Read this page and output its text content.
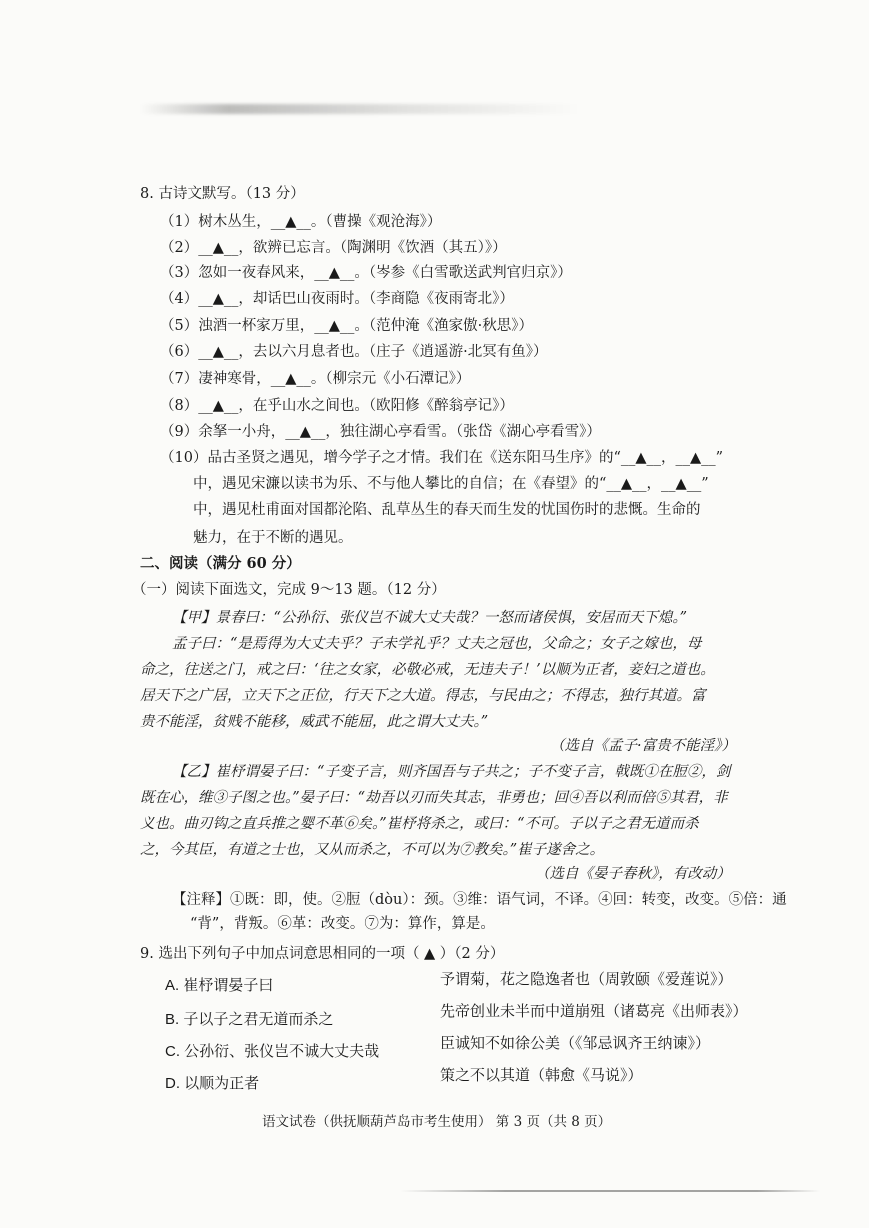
8. 古诗文默写。（13 分）
（1）树木丛生，__▲__。（曹操《观沧海》）
（2）__▲__，欲辨已忘言。（陶渊明《饮酒（其五）》）
（3）忽如一夜春风来，__▲__。（岑参《白雪歌送武判官归京》）
（4）__▲__，却话巴山夜雨时。（李商隐《夜雨寄北》）
（5）浊酒一杯家万里，__▲__。（范仲淹《渔家傲·秋思》）
（6）__▲__，去以六月息者也。（庄子《逍遥游·北冥有鱼》）
（7）凄神寒骨，__▲__。（柳宗元《小石潭记》）
（8）__▲__，在乎山水之间也。（欧阳修《醉翁亭记》）
（9）余拏一小舟，__▲__，独往湖心亭看雪。（张岱《湖心亭看雪》）
（10）品古圣贤之遇见，增今学子之才情。我们在《送东阳马生序》的“__▲__，__▲__”
中，遇见宋濂以读书为乐、不与他人攀比的自信；在《春望》的“__▲__，__▲__”
中，遇见杜甫面对国都沦陷、乱草丛生的春天而生发的忧国伤时的悲慨。生命的
魅力，在于不断的遇见。
二、阅读（满分 60 分）
（一）阅读下面选文，完成 9～13 题。（12 分）
【甲】景春曰：“公孙衍、张仪岂不诚大丈夫哉？一怒而诸侯惧，安居而天下熄。”
孟子曰：“是焉得为大丈夫乎？子未学礼乎？丈夫之冠也，父命之；女子之嫁也，母
命之，往送之门，戒之曰：‘往之女家，必敬必戒，无违夫子！’以顺为正者，妾妇之道也。
居天下之广居，立天下之正位，行天下之大道。得志，与民由之；不得志，独行其道。富
贵不能淫，贫贱不能移，威武不能屈，此之谓大丈夫。”
（选自《孟子·富贵不能淫》）
【乙】崔杼谓晏子曰：“子变子言，则齐国吾与子共之；子不变子言，戟既①在脰②，剑
既在心，维③子图之也。”晏子曰：“劫吾以刃而失其志，非勇也；回④吾以利而倍⑤其君，非
义也。曲刃钩之直兵推之婴不革⑥矣。”崔杼将杀之，或曰：“不可。子以子之君无道而杀
之，今其臣，有道之士也，又从而杀之，不可以为⑦教矣。”崔子遂舍之。
（选自《晏子春秋》，有改动）
【注释】①既：即，使。②脰（dòu）：颈。③维：语气词，不译。④回：转变，改变。⑤倍：通
“背”，背叛。⑥革：改变。⑦为：算作，算是。
9. 选出下列句子中加点词意思相同的一项（ ▲ ）（2 分）
A. 崔杼谓晏子曰	予谓菊，花之隐逸者也（周敦颐《爱莲说》）
B. 子以子之君无道而杀之	先帝创业未半而中道崩殂（诸葛亮《出师表》）
C. 公孙衍、张仪岂不诚大丈夫哉	臣诚知不如徐公美（《邹忌讽齐王纳谏》）
D. 以顺为正者	策之不以其道（韩愈《马说》）
语文试卷（供抚顺葫芦岛市考生使用） 第 3 页（共 8 页）
